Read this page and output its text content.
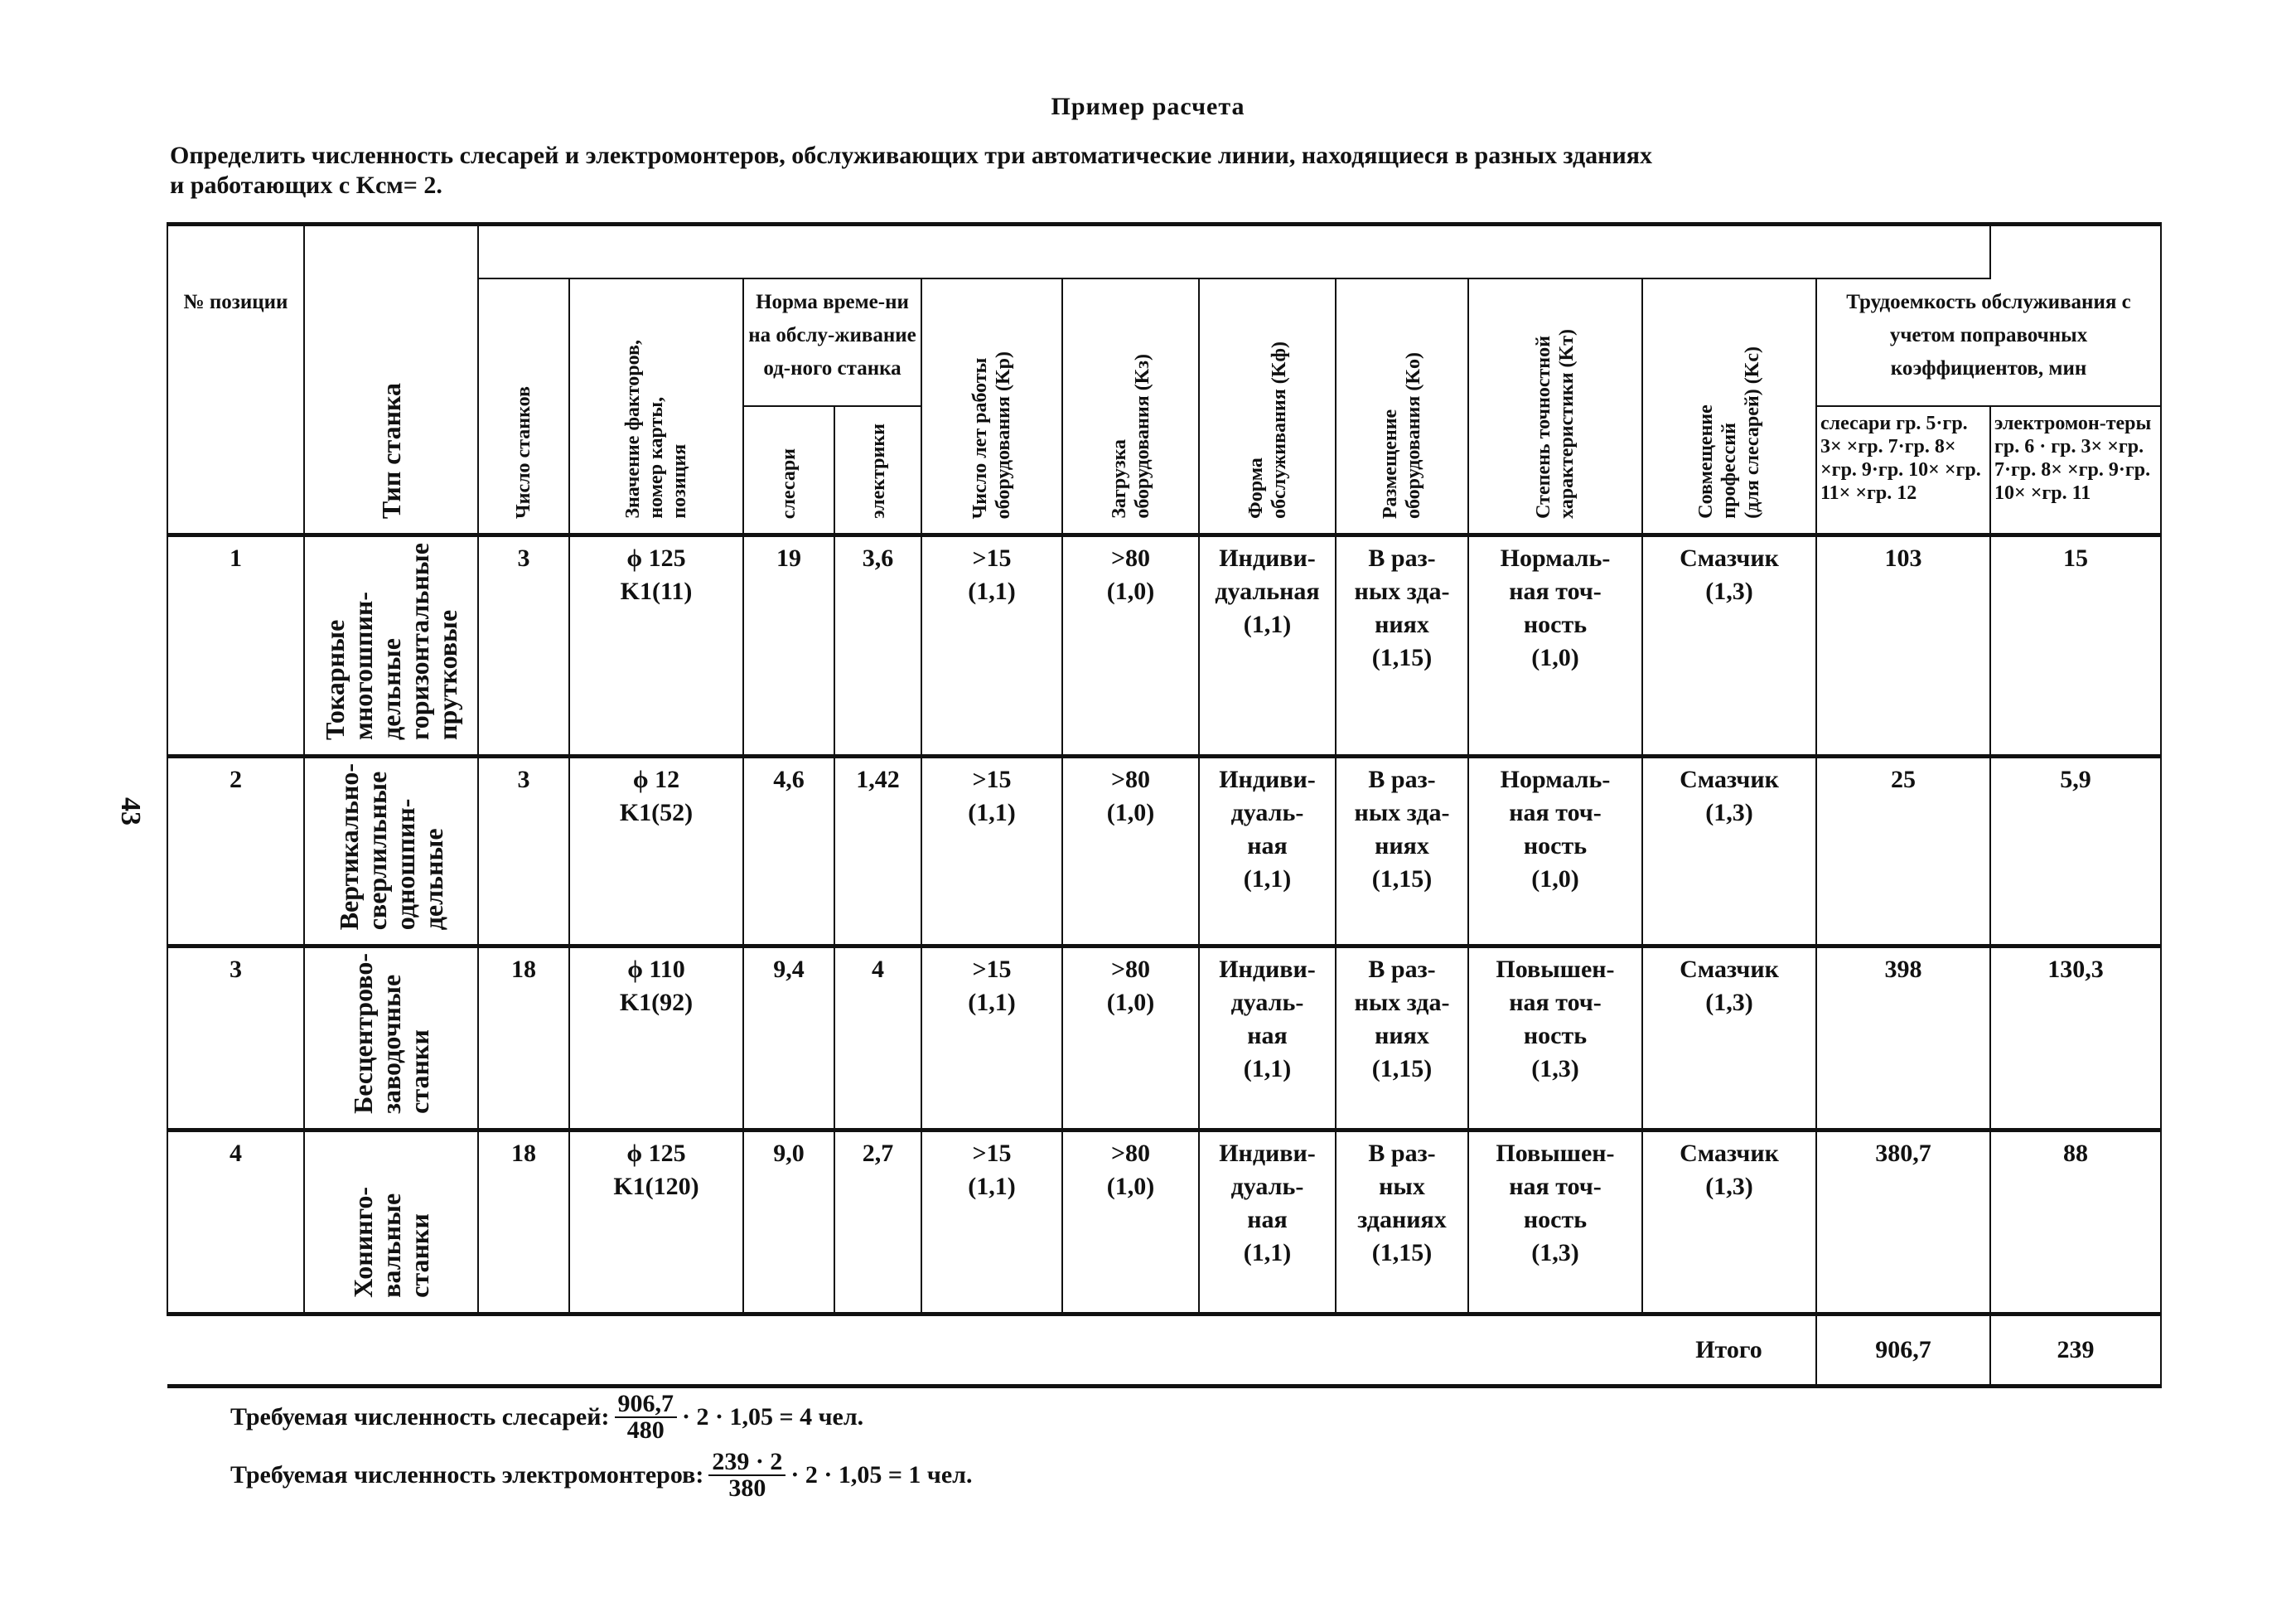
Пример расчета
Определить численность слесарей и электромонтеров, обслуживающих три автоматические линии, находящиеся в разных зданиях
и работающих с Kсм= 2.
43
№ позиции	Тип станка												
		Число станков	Значение факторов,
номер карты,
позиция	Норма време-ни на обслу-живание од-ного станка		Число лет работы
оборудования (Kр)	Загрузка
оборудования (Kз)	Форма
обслуживания (Kф)	Размещение
оборудования (Kо)	Степень точностной
характеристики (Kт)	Совмещение
профессий
(для слесарей) (Kс)	Трудоемкость обслуживания с учетом поправочных коэффициентов, мин	
				слесари	электрики							слесари гр. 5·гр. 3× ×гр. 7·гр. 8× ×гр. 9·гр. 10× ×гр. 11× ×гр. 12	электромон-теры гр. 6 · гр. 3× ×гр. 7·гр. 8× ×гр. 9·гр. 10× ×гр. 11

1	Токарные
многошпин-
дельные
горизонтальные
прутковые	3	ϕ 125
K1(11)	19	3,6	>15
(1,1)	>80
(1,0)	Индиви-
дуальная
(1,1)	В раз-
ных зда-
ниях
(1,15)	Нормаль-
ная точ-
ность
(1,0)	Смазчик
(1,3)	103	15
2	Вертикально-
сверлильные
одношпин-
дельные	3	ϕ 12
K1(52)	4,6	1,42	>15
(1,1)	>80
(1,0)	Индиви-
дуаль-
ная
(1,1)	В раз-
ных зда-
ниях
(1,15)	Нормаль-
ная точ-
ность
(1,0)	Смазчик
(1,3)	25	5,9
3	Бесцентрово-
заводочные
станки	18	ϕ 110
K1(92)	9,4	4	>15
(1,1)	>80
(1,0)	Индиви-
дуаль-
ная
(1,1)	В раз-
ных зда-
ниях
(1,15)	Повышен-
ная точ-
ность
(1,3)	Смазчик
(1,3)	398	130,3
4	Хонинго-
вальные
станки	18	ϕ 125
K1(120)	9,0	2,7	>15
(1,1)	>80
(1,0)	Индиви-
дуаль-
ная
(1,1)	В раз-
ных
зданиях
(1,15)	Повышен-
ная точ-
ность
(1,3)	Смазчик
(1,3)	380,7	88
											Итого	906,7	239
Требуемая численность слесарей: $\frac{906,7}{480} \cdot 2 \cdot 1,05 = 4$ чел.
Требуемая численность электромонтеров: $\frac{239 \cdot 2}{380} \cdot 2 \cdot 1,05 = 1$ чел.
